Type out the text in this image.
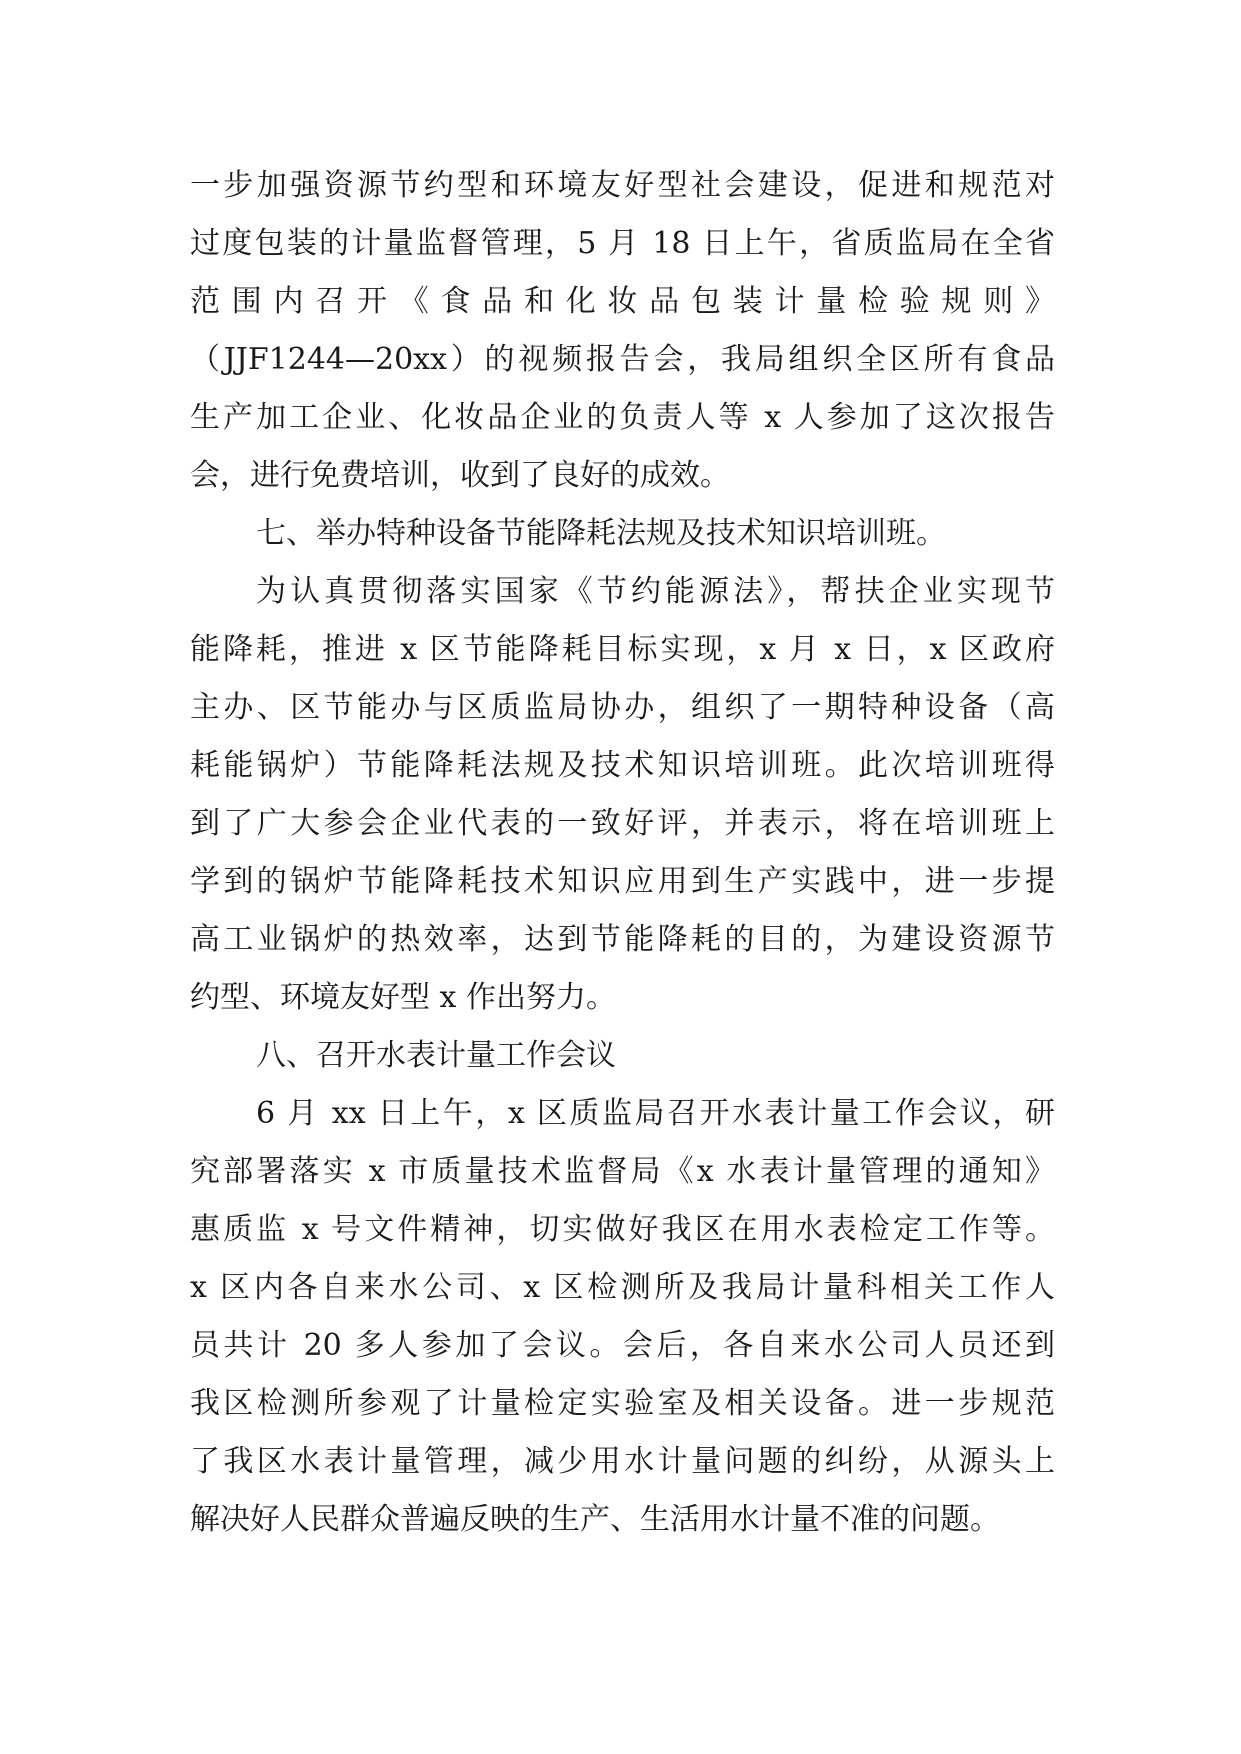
一步加强资源节约型和环境友好型社会建设，促进和规范对
过度包装的计量监督管理，5 月 18 日上午，省质监局在全省
范围内召开《食品和化妆品包装计量检验规则》
（JJF1244—20xx）的视频报告会，我局组织全区所有食品
生产加工企业、化妆品企业的负责人等 x 人参加了这次报告
会，进行免费培训，收到了良好的成效。
七、举办特种设备节能降耗法规及技术知识培训班。
为认真贯彻落实国家《节约能源法》，帮扶企业实现节
能降耗，推进 x 区节能降耗目标实现，x 月 x 日，x 区政府
主办、区节能办与区质监局协办，组织了一期特种设备（高
耗能锅炉）节能降耗法规及技术知识培训班。此次培训班得
到了广大参会企业代表的一致好评，并表示，将在培训班上
学到的锅炉节能降耗技术知识应用到生产实践中，进一步提
高工业锅炉的热效率，达到节能降耗的目的，为建设资源节
约型、环境友好型 x 作出努力。
八、召开水表计量工作会议
6 月 xx 日上午，x 区质监局召开水表计量工作会议，研
究部署落实 x 市质量技术监督局《x 水表计量管理的通知》
惠质监 x 号文件精神，切实做好我区在用水表检定工作等。
x 区内各自来水公司、x 区检测所及我局计量科相关工作人
员共计 20 多人参加了会议。会后，各自来水公司人员还到
我区检测所参观了计量检定实验室及相关设备。进一步规范
了我区水表计量管理，减少用水计量问题的纠纷，从源头上
解决好人民群众普遍反映的生产、生活用水计量不准的问题。
